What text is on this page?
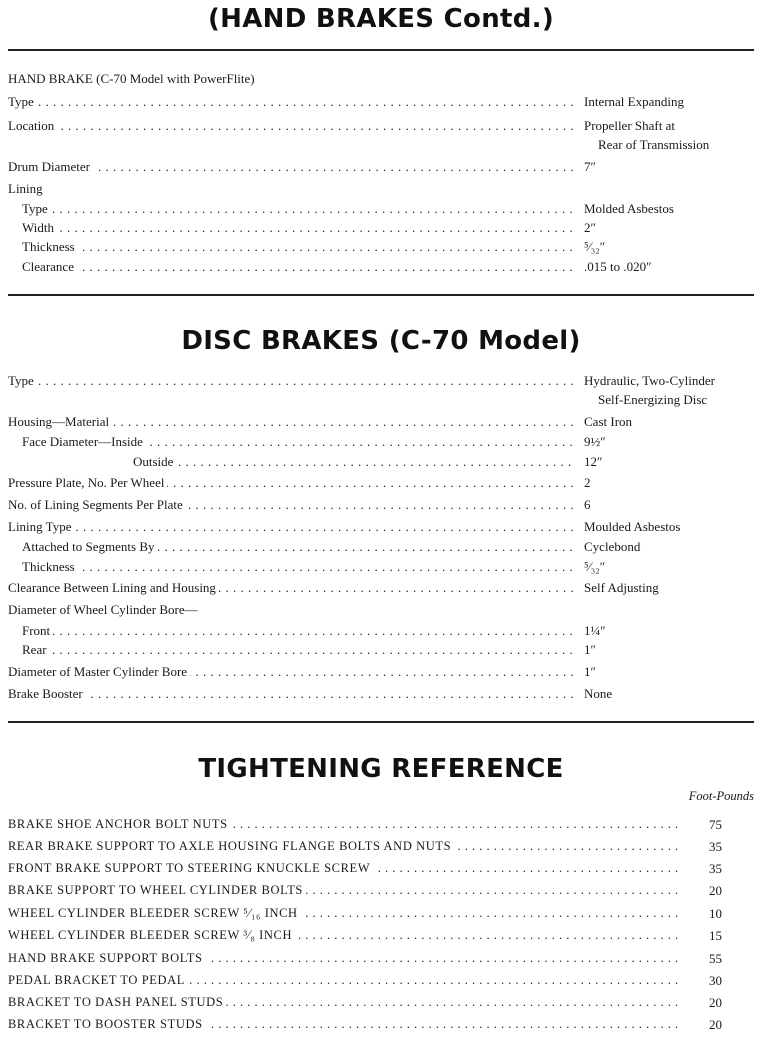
(HAND BRAKES Contd.)
HAND BRAKE (C-70 Model with PowerFlite)
Type . . .	Internal Expanding
Location . . .	Propeller Shaft at
Rear of Transmission
Drum Diameter . . .	7″
Lining
Type . . .	Molded Asbestos
Width . . .	2″
Thickness . . .	⁵⁄₃₂″
Clearance . . .	.015 to .020″
DISC BRAKES (C-70 Model)
Type . . .	Hydraulic, Two-Cylinder
Self-Energizing Disc
Housing—Material . . .	Cast Iron
Face Diameter—Inside . . .	9½″
Outside . . .	12″
Pressure Plate, No. Per Wheel . . .	2
No. of Lining Segments Per Plate . . .	6
Lining Type . . .	Moulded Asbestos
Attached to Segments By . . .	Cyclebond
Thickness . . .	⁵⁄₃₂″
Clearance Between Lining and Housing . . .	Self Adjusting
Diameter of Wheel Cylinder Bore—
Front . . .	1¼″
Rear . . .	1″
Diameter of Master Cylinder Bore . . .	1″
Brake Booster . . .	None
TIGHTENING REFERENCE
Foot-Pounds
BRAKE SHOE ANCHOR BOLT NUTS . . .	75
REAR BRAKE SUPPORT TO AXLE HOUSING FLANGE BOLTS AND NUTS . . .	35
FRONT BRAKE SUPPORT TO STEERING KNUCKLE SCREW . . .	35
BRAKE SUPPORT TO WHEEL CYLINDER BOLTS . . .	20
WHEEL CYLINDER BLEEDER SCREW ⁵⁄₁₆ INCH . . .	10
WHEEL CYLINDER BLEEDER SCREW ³⁄₈ INCH . . .	15
HAND BRAKE SUPPORT BOLTS . . .	55
PEDAL BRACKET TO PEDAL . . .	30
BRACKET TO DASH PANEL STUDS . . .	20
BRACKET TO BOOSTER STUDS . . .	20
